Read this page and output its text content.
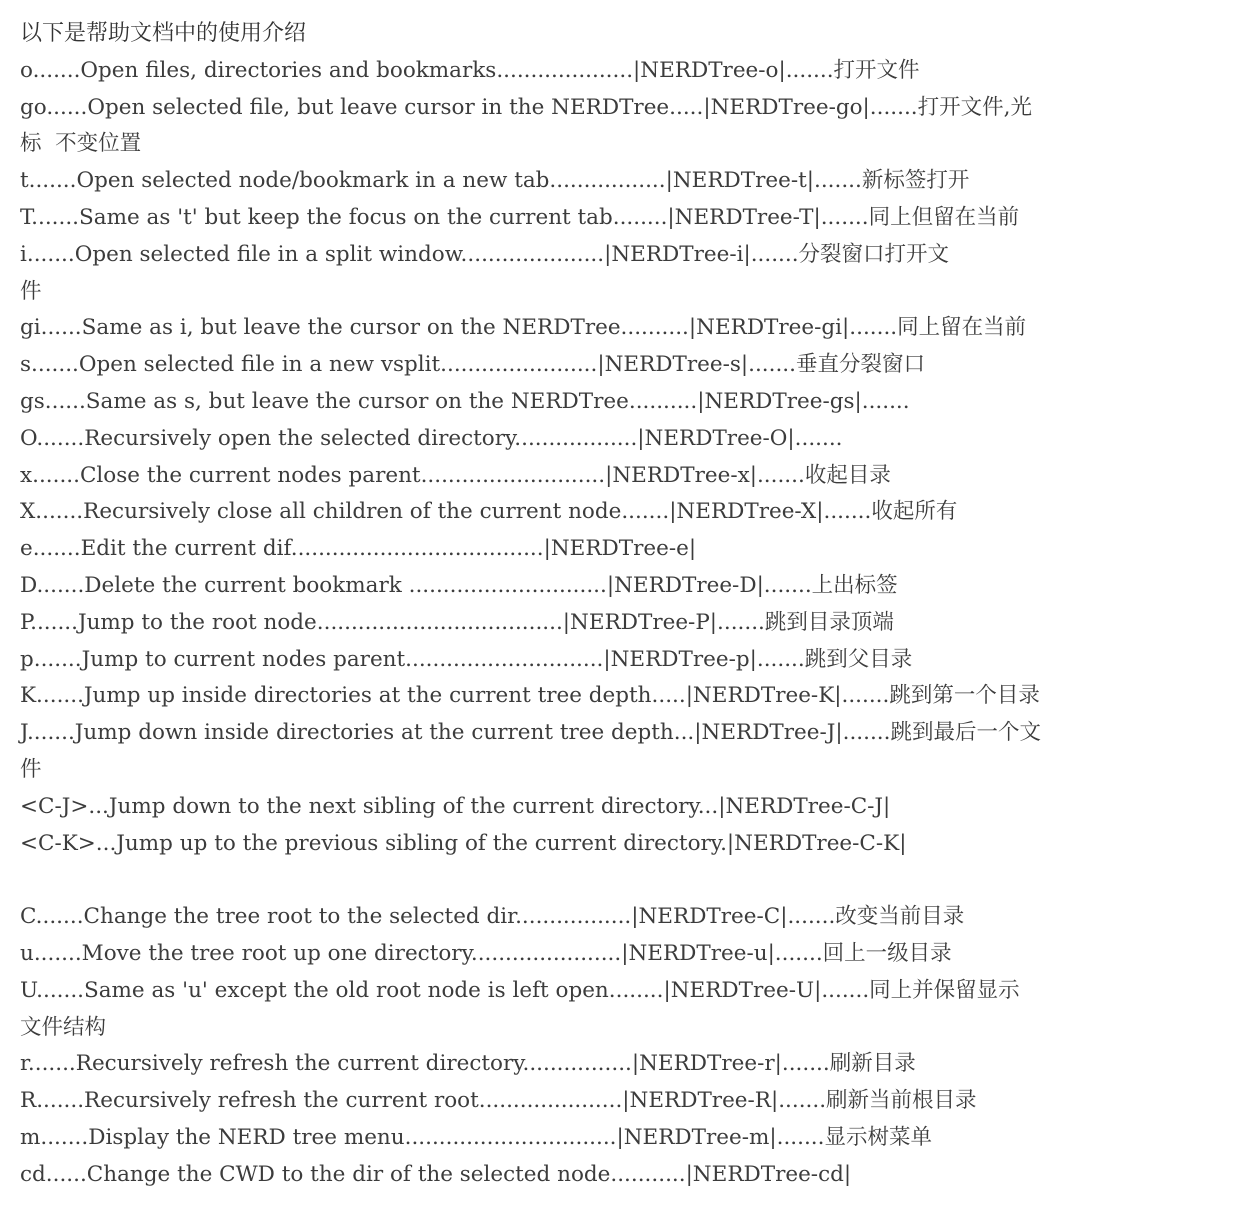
以下是帮助文档中的使用介绍
o.......Open files, directories and bookmarks....................|NERDTree-o|.......打开文件
go......Open selected file, but leave cursor in the NERDTree.....|NERDTree-go|.......打开文件,光
标  不变位置
t.......Open selected node/bookmark in a new tab.................|NERDTree-t|.......新标签打开
T.......Same as 't' but keep the focus on the current tab........|NERDTree-T|.......同上但留在当前
i.......Open selected file in a split window.....................|NERDTree-i|.......分裂窗口打开文
件
gi......Same as i, but leave the cursor on the NERDTree..........|NERDTree-gi|.......同上留在当前
s.......Open selected file in a new vsplit.......................|NERDTree-s|.......垂直分裂窗口
gs......Same as s, but leave the cursor on the NERDTree..........|NERDTree-gs|.......
O.......Recursively open the selected directory..................|NERDTree-O|.......
x.......Close the current nodes parent...........................|NERDTree-x|.......收起目录
X.......Recursively close all children of the current node.......|NERDTree-X|.......收起所有
e.......Edit the current dif.....................................|NERDTree-e|
D.......Delete the current bookmark .............................|NERDTree-D|.......上出标签
P.......Jump to the root node....................................|NERDTree-P|.......跳到目录顶端
p.......Jump to current nodes parent.............................|NERDTree-p|.......跳到父目录
K.......Jump up inside directories at the current tree depth.....|NERDTree-K|.......跳到第一个目录
J.......Jump down inside directories at the current tree depth...|NERDTree-J|.......跳到最后一个文
件
<C-J>...Jump down to the next sibling of the current directory...|NERDTree-C-J|
<C-K>...Jump up to the previous sibling of the current directory.|NERDTree-C-K|
C.......Change the tree root to the selected dir.................|NERDTree-C|.......改变当前目录
u.......Move the tree root up one directory......................|NERDTree-u|.......回上一级目录
U.......Same as 'u' except the old root node is left open........|NERDTree-U|.......同上并保留显示
文件结构
r.......Recursively refresh the current directory................|NERDTree-r|.......刷新目录
R.......Recursively refresh the current root.....................|NERDTree-R|.......刷新当前根目录
m.......Display the NERD tree menu...............................|NERDTree-m|.......显示树菜单
cd......Change the CWD to the dir of the selected node...........|NERDTree-cd|
